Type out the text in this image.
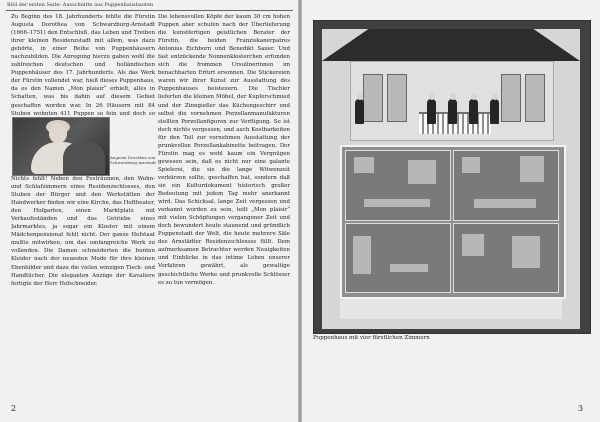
Bild der ersten Seite: Ausschnitte aus Puppenhausbauten

Zu Beginn des 18. Jahrhunderts fehlte die Fürstin Augusta Dorothea von Schwarzburg-Arnstadt (1666–1751) den Entschluß, das Leben und Treiben ihrer kleinen Residenzstadt mit allem, was dazu gehörte, in einer Reihe von Puppenhäusern nachzubilden. Die Anregung hierzu gaben wohl die zahlreichen deutschen und holländischen Puppenhäuser des 17. Jahrhunderts. Als das Werk der Fürstin vollendet war, hieß dieses Puppenhaus, da es den Namen „Mon plaisir“ erhielt, alles in Schatten, was bis dahin auf diesem Gebiet geschaffen worden war. In 26 Häusern mit 84 Stuben wohnten 411 Puppen so fein und doch so

Augusta Dorothea von Schwarzburg-Arnstadt

Nichts fehlt! Neben den Festräumen, den Wohn- und Schlafzimmern eines Residenzschlosses, den Stuben der Bürger und den Werkstätten der Handwerker finden wir eine Kirche, das Hoftheater, den Hofgarten, einen Marktplatz mit Verkaufsständen und das Getriebe eines Jahrmarktes, ja sogar ein Kloster mit einem Mädchenpensionat fehlt nicht. Der ganze Hofstaat mußte mitwirken, um das umfangreiche Werk zu vollenden. Die Damen schneiderten die bunten Kleider nach der neuesten Mode für ihre kleinen Ebenbilder und dazu die vielen winzigen Tisch- und Handtücher. Die eleganten Anzüge der Kavaliere fertigte der Herr Hofschneider.

Die lebensvollen Köpfe der kaum 30 cm hohen Puppen aber schufen nach der Überlieferung die kunstfertigen geistlichen Berater der Fürstin, die beiden Franziskanerpatres Antonius Eichborn und Benedikt Sauer. Und fast entzückende Nonnenklosterchen erfunden sich die frommen Ursulinerinnen im benachbarten Erfurt ersonnen. Die Stickereien waren wir ihrer Kunst zur Ausstattung des Puppenhauses beisteuern. Die Tischler lieferten die kleinen Möbel, der Kupferschmied und der Zinngießer das Küchengeschirr und selbst die vornehmen Porzellanmanufakturen stellten Porzellanfiguren zur Verfügung. So ist doch nichts vergessen, und auch Kostbarkeiten für den Teil zur vornehmen Ausstattung der prunkvollen Porzellankabinette beitragen. Der Fürstin mag es wohl kaum ein Vergnügen gewesen sein, daß es nicht nur eine galante Spielerei, die sie die lange Witwenzeit verkürzen sollte, geschaffen hat, sondern daß sie ein Kulturdokument historisch großer Bedeutung mit jedem Tag mehr anerkannt wird. Das Schicksal, lange Zeit vergessen und verkannt worden zu sein, teilt „Mon plaisir“ mit vielen Schöpfungen vergangener Zeit und doch bewundert heute staunend und gründlich Puppenstadt der Welt, die heute mehrere Säle des Arnstädter Residenzschlosses füllt. Dem aufmerksamen Betrachter werden Neuigkeiten und Einblicke in das intime Leben unserer Vorfahren gewährt, als gewaltige geschichtliche Werke und prunkvolle Schlösser es zu tun vermögen.

2
Puppenhaus mit vier fürstlichen Zimmern
3
